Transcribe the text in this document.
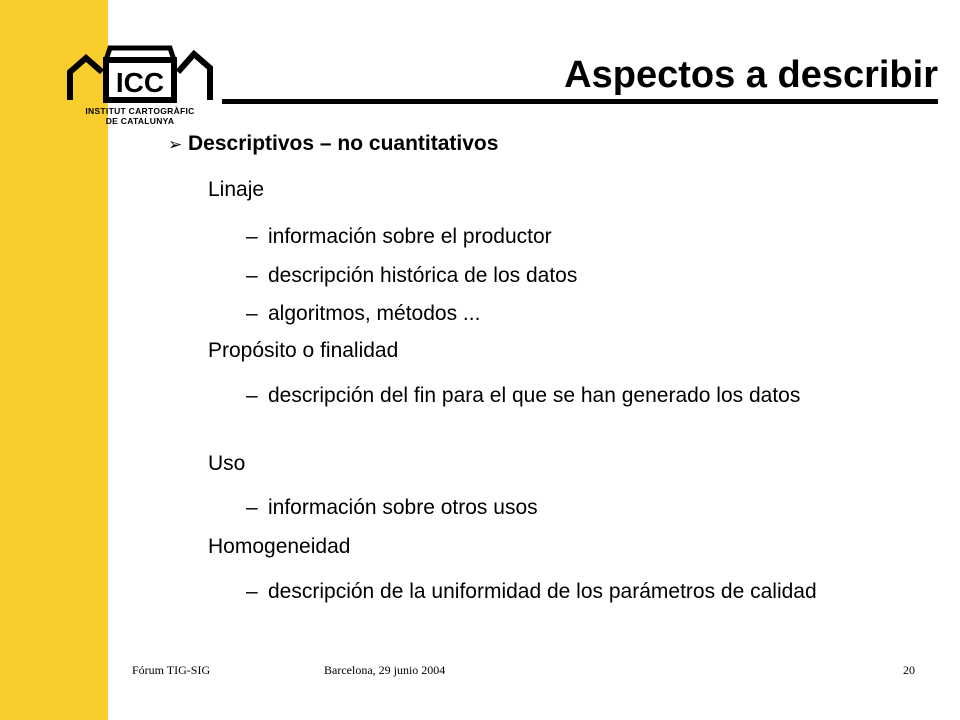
ICC
INSTITUT CARTOGRÀFIC
DE CATALUNYA
Aspectos a describir
➢ Descriptivos – no cuantitativos
Linaje
– información sobre el productor
– descripción histórica de los datos
– algoritmos, métodos ...
Propósito o finalidad
– descripción del fin para el que se han generado los datos
Uso
– información sobre otros usos
Homogeneidad
– descripción de la uniformidad de los parámetros de calidad
Fórum TIG-SIG	Barcelona, 29 junio 2004	20
